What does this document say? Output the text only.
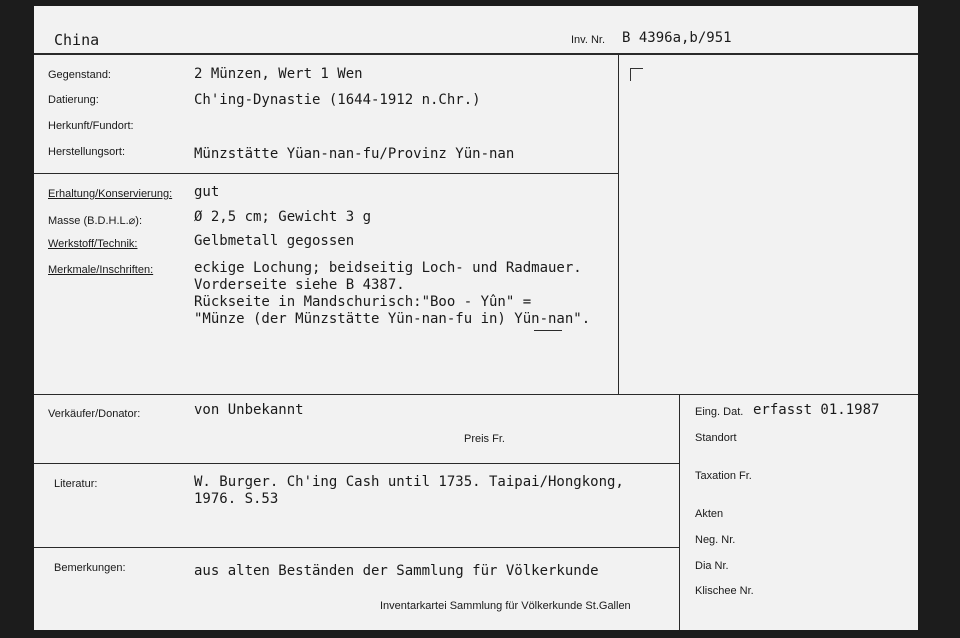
China	Inv. Nr. B 4396a,b/951
Gegenstand:	2 Münzen, Wert 1 Wen
Datierung:	Ch'ing-Dynastie (1644-1912 n.Chr.)
Herkunft/Fundort:
Herstellungsort:	Münzstätte Yüan-nan-fu/Provinz Yün-nan
Erhaltung/Konservierung: gut
Masse (B.D.H.L.⌀):	Ø 2,5 cm; Gewicht 3 g
Werkstoff/Technik:	Gelbmetall gegossen
Merkmale/Inschriften:	eckige Lochung; beidseitig Loch- und Radmauer.
Vorderseite siehe B 4387.
Rückseite in Mandschurisch:"Boo - Yûn" =
"Münze (der Münzstätte Yün-nan-fu in) Yün-nan".
Verkäufer/Donator:	von Unbekannt
Preis Fr.
Literatur:	W. Burger. Ch'ing Cash until 1735. Taipai/Hongkong,
1976. S.53
Bemerkungen:	aus alten Beständen der Sammlung für Völkerkunde
Inventarkartei Sammlung für Völkerkunde St.Gallen
Eing. Dat. erfasst 01.1987
Standort
Taxation Fr.
Akten
Neg. Nr.
Dia Nr.
Klischee Nr.
